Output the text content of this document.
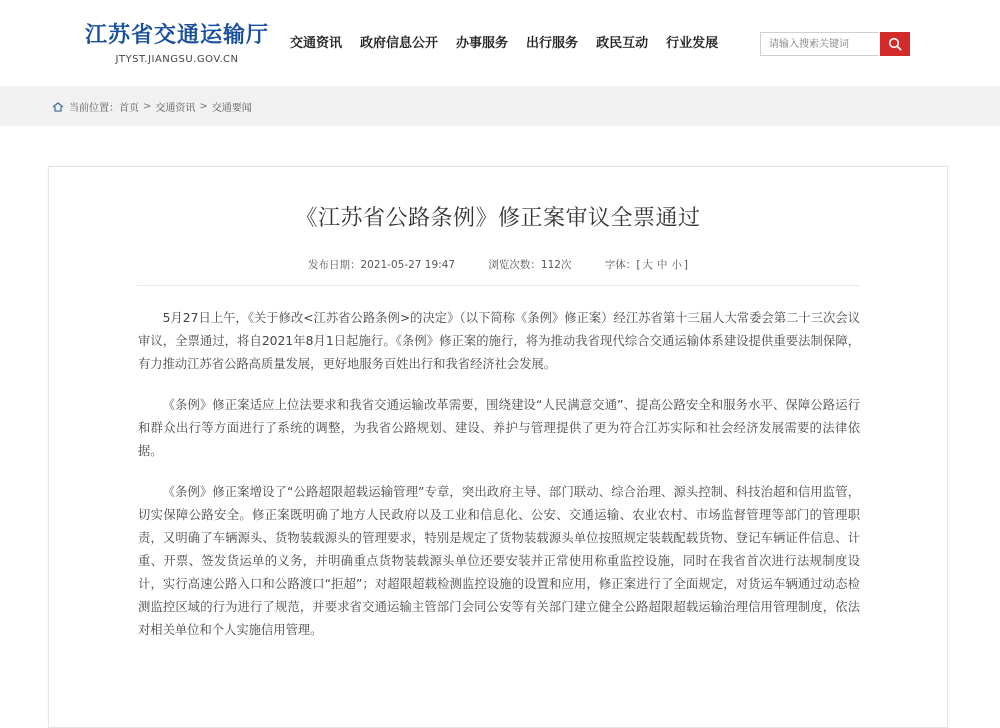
江苏省交通运输厅
JTYST.JIANGSU.GOV.CN
交通资讯 政府信息公开 办事服务 出行服务 政民互动 行业发展
请输入搜索关键词
当前位置： 首页 > 交通资讯 > 交通要闻
《江苏省公路条例》修正案审议全票通过
发布日期：2021-05-27 19:47	浏览次数：112次	字体：[ 大 中 小 ]

5月27日上午，《关于修改<江苏省公路条例>的决定》（以下简称《条例》修正案）经江苏省第十三届人大常委会第二十三次会议审议，全票通过，将自2021年8月1日起施行。《条例》修正案的施行，将为推动我省现代综合交通运输体系建设提供重要法制保障，有力推动江苏省公路高质量发展，更好地服务百姓出行和我省经济社会发展。

《条例》修正案适应上位法要求和我省交通运输改革需要，围绕建设“人民满意交通”、提高公路安全和服务水平、保障公路运行和群众出行等方面进行了系统的调整，为我省公路规划、建设、养护与管理提供了更为符合江苏实际和社会经济发展需要的法律依据。

《条例》修正案增设了“公路超限超载运输管理”专章，突出政府主导、部门联动、综合治理、源头控制、科技治超和信用监管，切实保障公路安全。修正案既明确了地方人民政府以及工业和信息化、公安、交通运输、农业农村、市场监督管理等部门的管理职责，又明确了车辆源头、货物装载源头的管理要求，特别是规定了货物装载源头单位按照规定装载配载货物、登记车辆证件信息、计重、开票、签发货运单的义务，并明确重点货物装载源头单位还要安装并正常使用称重监控设施，同时在我省首次进行法规制度设计，实行高速公路入口和公路渡口“拒超”；对超限超载检测监控设施的设置和应用，修正案进行了全面规定，对货运车辆通过动态检测监控区域的行为进行了规范，并要求省交通运输主管部门会同公安等有关部门建立健全公路超限超载运输治理信用管理制度，依法对相关单位和个人实施信用管理。
